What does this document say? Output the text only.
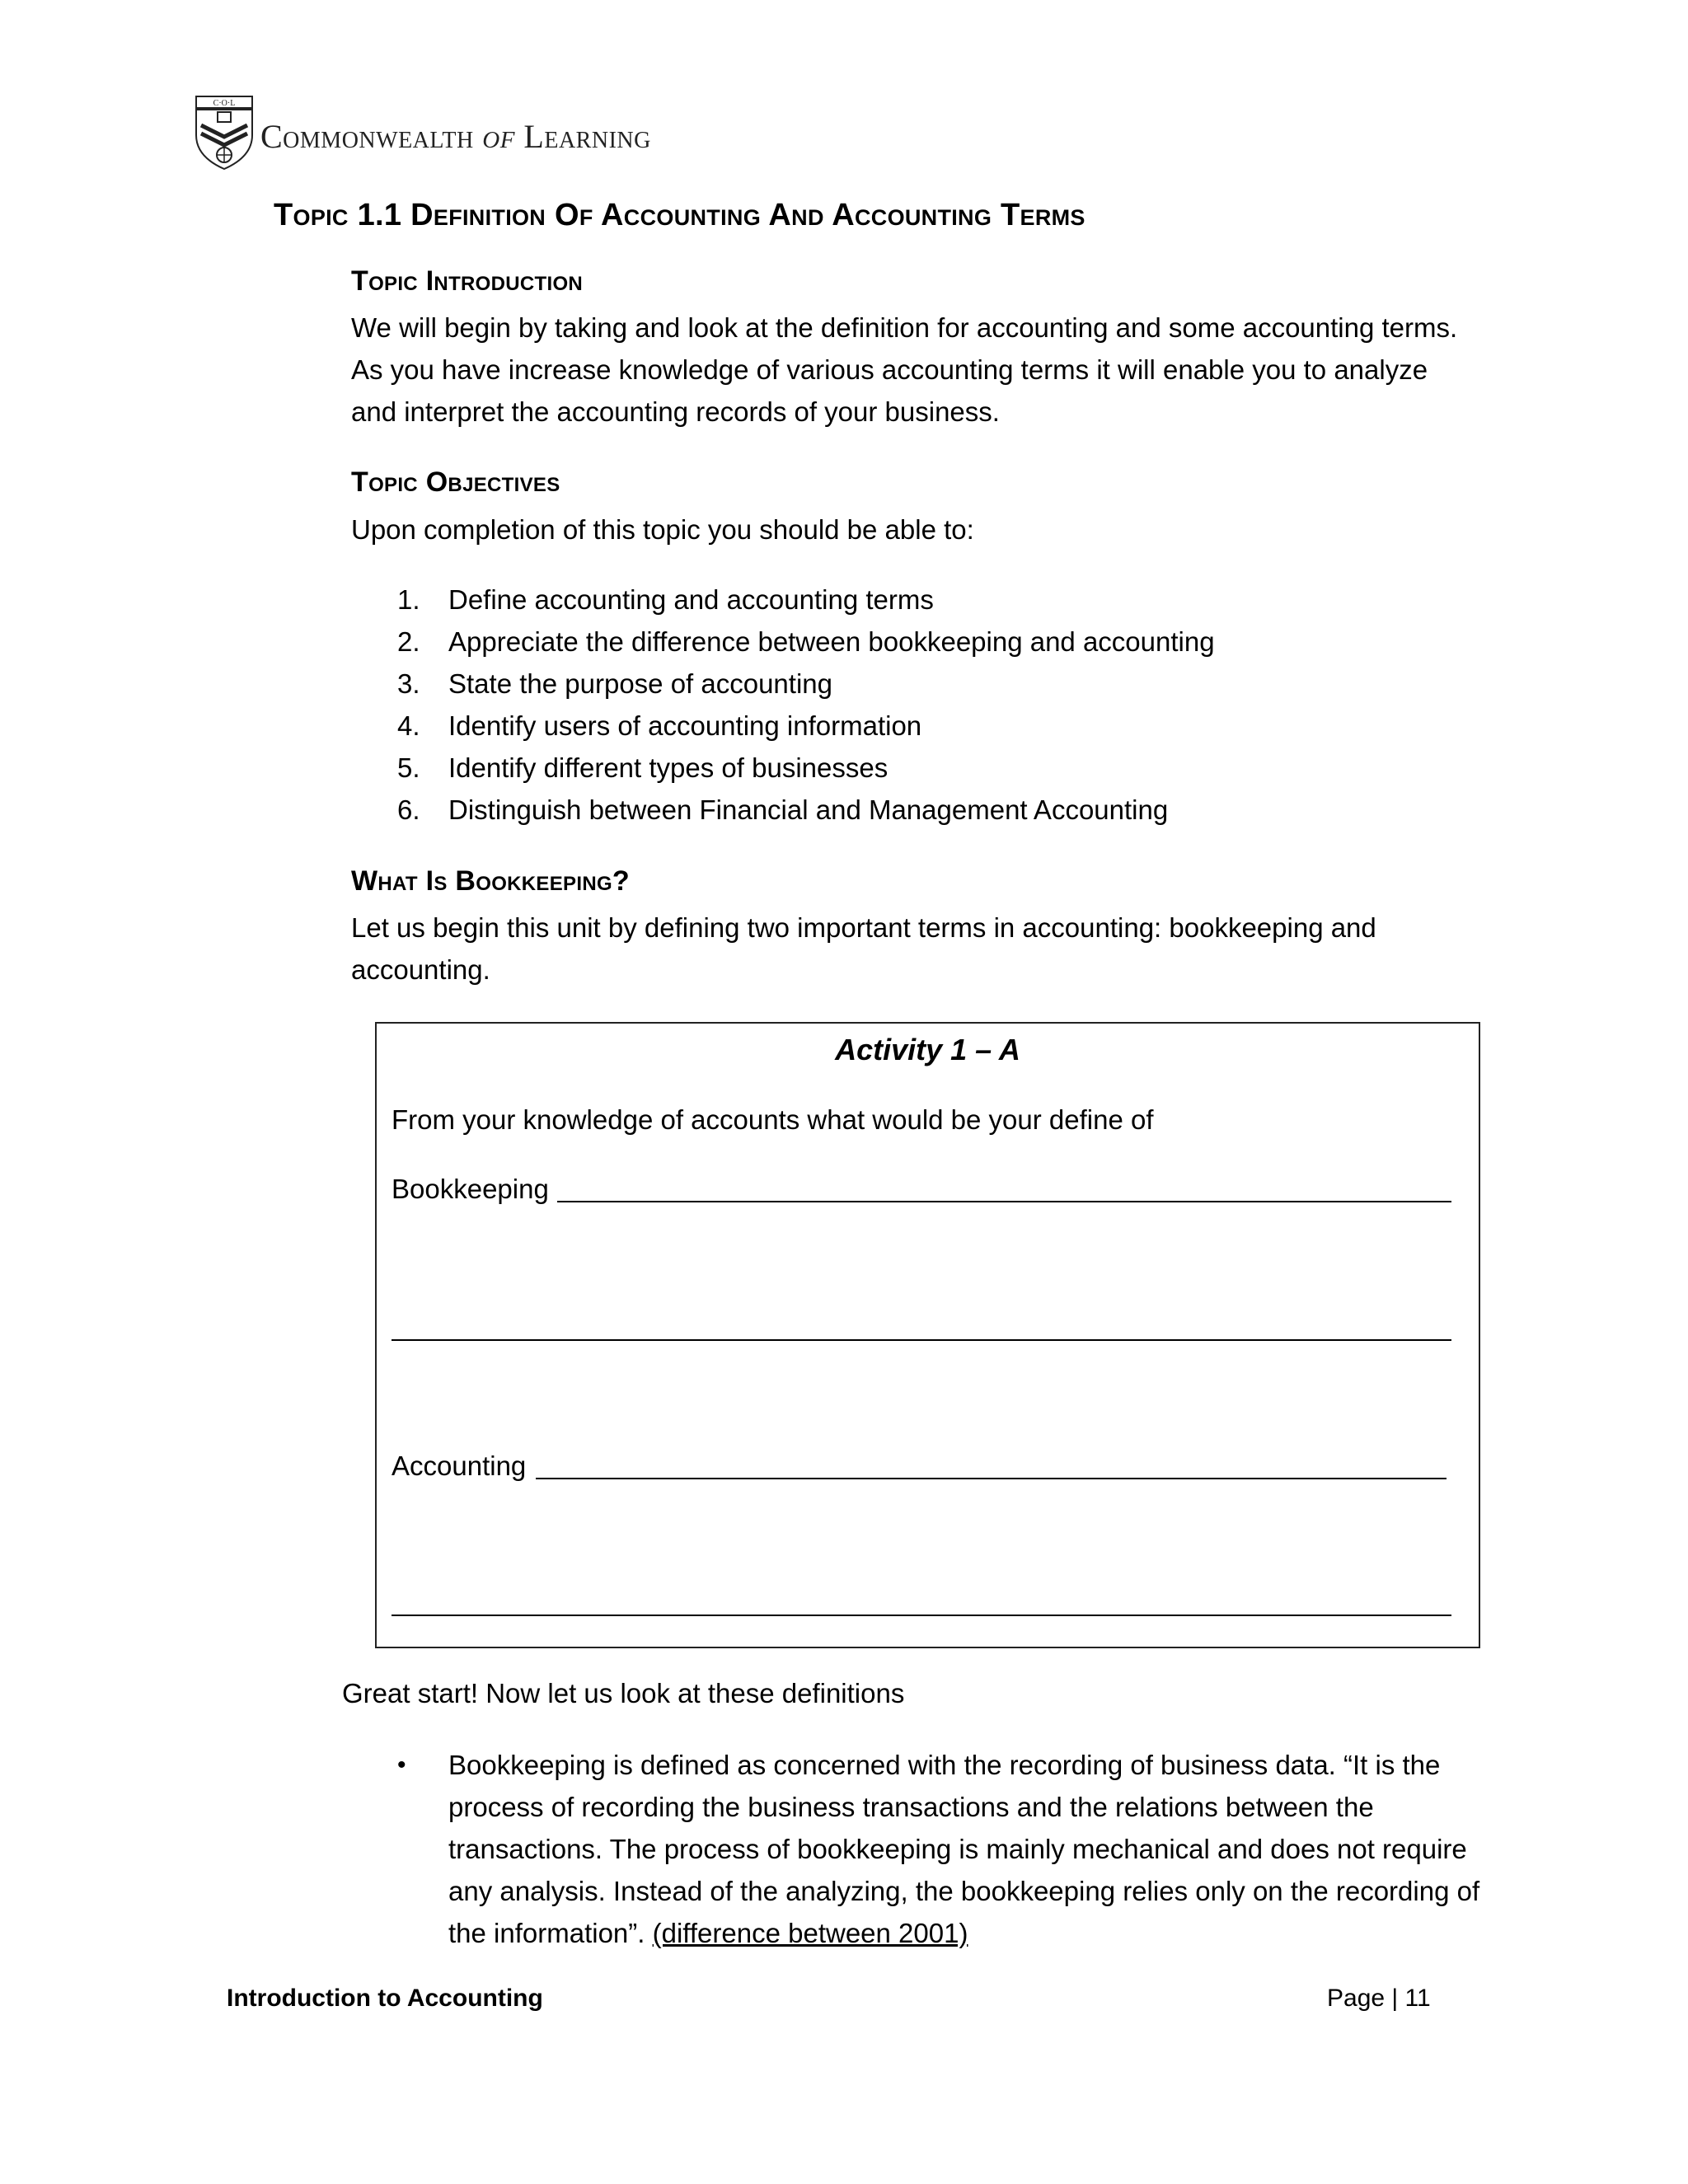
C·O·L
Commonwealth of Learning
Topic 1.1 Definition Of Accounting And Accounting Terms
Topic Introduction
We will begin by taking and look at the definition for accounting and some accounting terms. As you have increase knowledge of various accounting terms it will enable you to analyze and interpret the accounting records of your business.
Topic Objectives
Upon completion of this topic you should be able to:
1.	Define accounting and accounting terms
2.	Appreciate the difference between bookkeeping and accounting
3.	State the purpose of accounting
4.	Identify users of accounting information
5.	Identify different types of businesses
6.	Distinguish between Financial and Management Accounting
What Is Bookkeeping?
Let us begin this unit by defining two important terms in accounting: bookkeeping and accounting.
Activity 1 – A
From your knowledge of accounts what would be your define of
Bookkeeping
Accounting
Great start! Now let us look at these definitions
• Bookkeeping is defined as concerned with the recording of business data. “It is the process of recording the business transactions and the relations between the transactions. The process of bookkeeping is mainly mechanical and does not require any analysis. Instead of the analyzing, the bookkeeping relies only on the recording of the information”. (difference between 2001)
Introduction to Accounting	Page | 11
